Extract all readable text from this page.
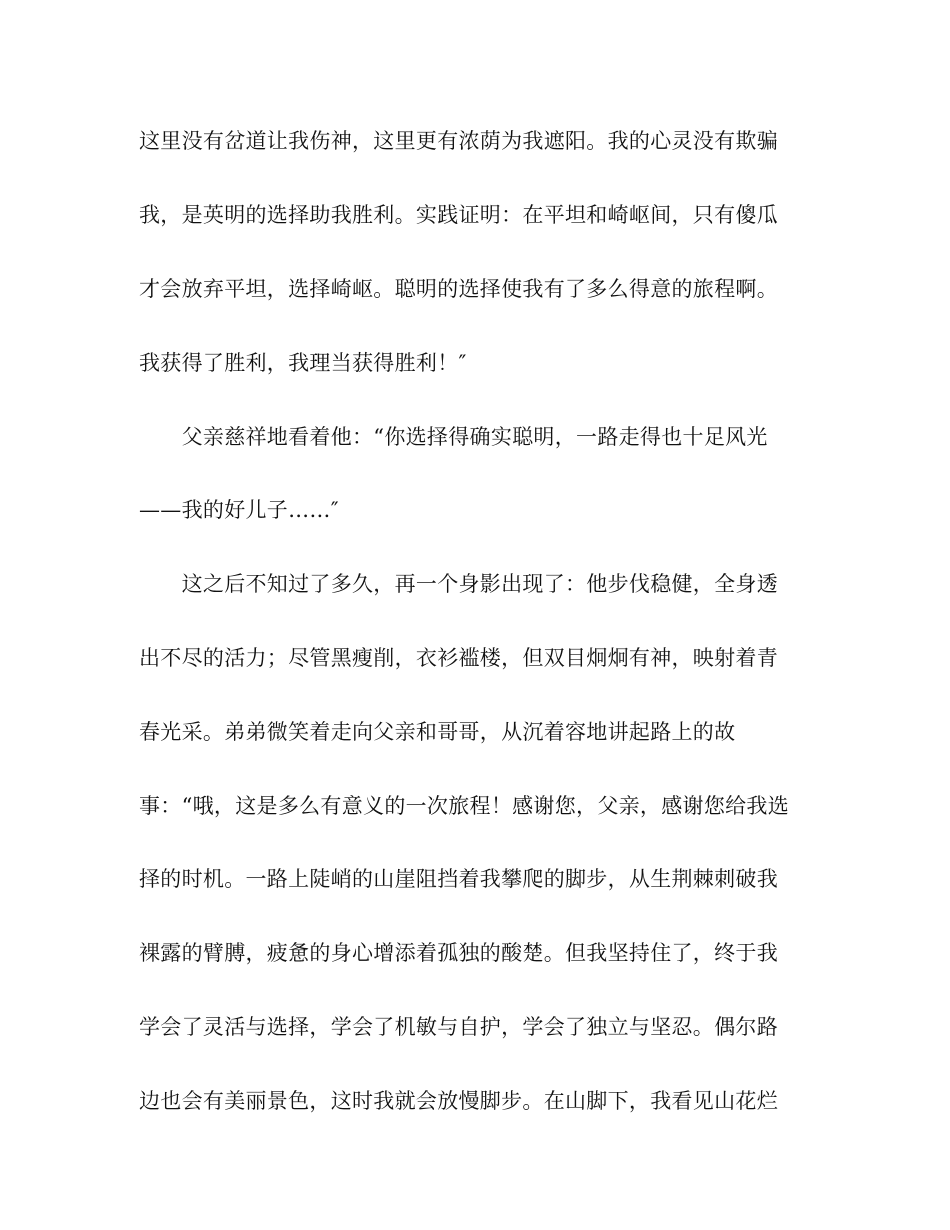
这里没有岔道让我伤神，这里更有浓荫为我遮阳。我的心灵没有欺骗
我，是英明的选择助我胜利。实践证明：在平坦和崎岖间，只有傻瓜
才会放弃平坦，选择崎岖。聪明的选择使我有了多么得意的旅程啊。
我获得了胜利，我理当获得胜利！″
　　父亲慈祥地看着他：“你选择得确实聪明，一路走得也十足风光
——我的好儿子……″
　　这之后不知过了多久，再一个身影出现了：他步伐稳健，全身透
出不尽的活力；尽管黑瘦削，衣衫褴楼，但双目炯炯有神，映射着青
春光采。弟弟微笑着走向父亲和哥哥，从沉着容地讲起路上的故
事：“哦，这是多么有意义的一次旅程！感谢您，父亲，感谢您给我选
择的时机。一路上陡峭的山崖阻挡着我攀爬的脚步，从生荆棘刺破我
裸露的臂膊，疲惫的身心增添着孤独的酸楚。但我坚持住了，终于我
学会了灵活与选择，学会了机敏与自护，学会了独立与坚忍。偶尔路
边也会有美丽景色，这时我就会放慢脚步。在山脚下，我看见山花烂
